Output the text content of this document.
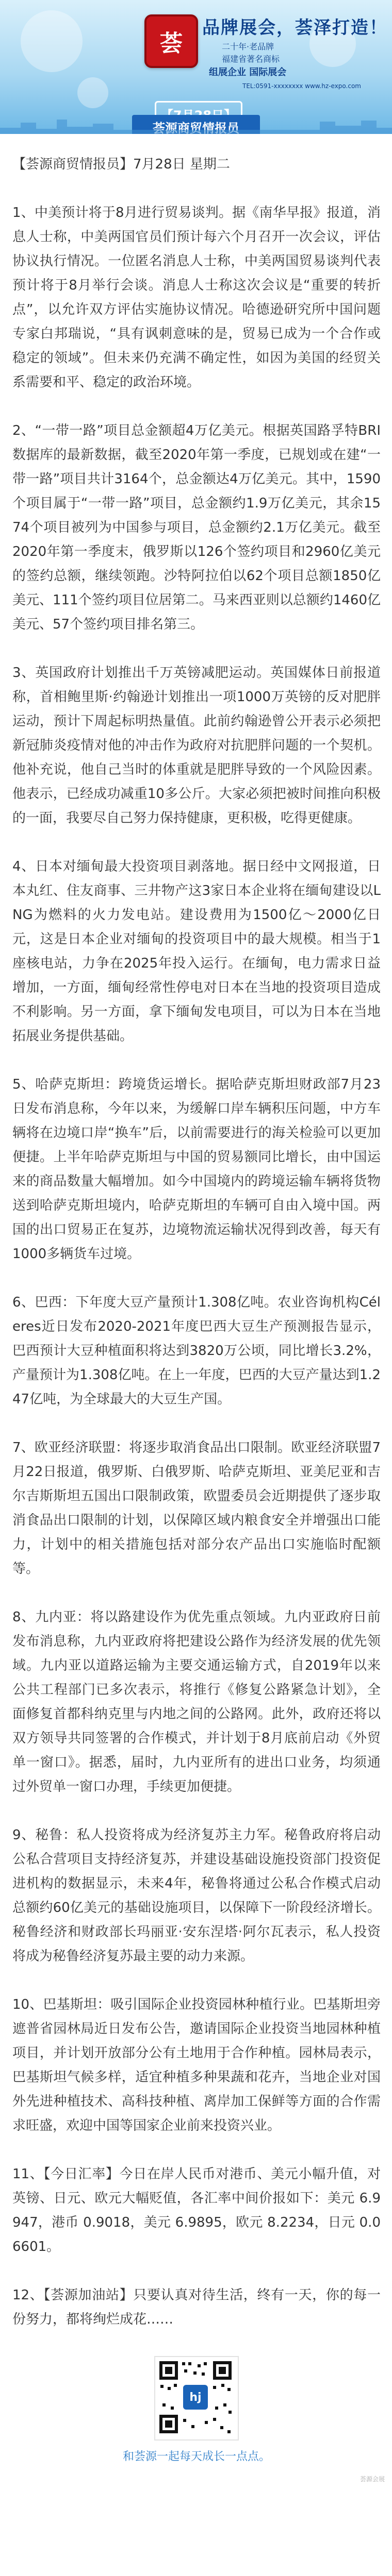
荟
品牌展会，荟泽打造！
二十年·老品牌
福建省著名商标
组展企业 国际展会
TEL:0591-xxxxxxxx www.hz-expo.com
荟源商贸情报员

【荟源商贸情报员】7月28日 星期二

1、中美预计将于8月进行贸易谈判。据《南华早报》报道，消息人士称，中美两国官员们预计每六个月召开一次会议，评估协议执行情况。一位匿名消息人士称，中美两国贸易谈判代表预计将于8月举行会谈。消息人士称这次会议是“重要的转折点”，以允许双方评估实施协议情况。哈德逊研究所中国问题专家白邦瑞说，“具有讽刺意味的是，贸易已成为一个合作或稳定的领域”。但未来仍充满不确定性，如因为美国的经贸关系需要和平、稳定的政治环境。

2、“一带一路”项目总金额超4万亿美元。根据英国路孚特BRI数据库的最新数据，截至2020年第一季度，已规划或在建“一带一路”项目共计3164个，总金额达4万亿美元。其中，1590个项目属于“一带一路”项目，总金额约1.9万亿美元，其余1574个项目被列为中国参与项目，总金额约2.1万亿美元。截至2020年第一季度末，俄罗斯以126个签约项目和2960亿美元的签约总额，继续领跑。沙特阿拉伯以62个项目总额1850亿美元、111个签约项目位居第二。马来西亚则以总额约1460亿美元、57个签约项目排名第三。

3、英国政府计划推出千万英镑减肥运动。英国媒体日前报道称，首相鲍里斯·约翰逊计划推出一项1000万英镑的反对肥胖运动，预计下周起标明热量值。此前约翰逊曾公开表示必须把新冠肺炎疫情对他的冲击作为政府对抗肥胖问题的一个契机。他补充说，他自己当时的体重就是肥胖导致的一个风险因素。他表示，已经成功减重10多公斤。大家必须把被时间推向积极的一面，我要尽自己努力保持健康，更积极，吃得更健康。

4、日本对缅甸最大投资项目剥落地。据日经中文网报道，日本丸红、住友商事、三井物产这3家日本企业将在缅甸建设以LNG为燃料的火力发电站。建设费用为1500亿～2000亿日元，这是日本企业对缅甸的投资项目中的最大规模。相当于1座核电站，力争在2025年投入运行。在缅甸，电力需求日益增加，一方面，缅甸经常性停电对日本在当地的投资项目造成不利影响。另一方面，拿下缅甸发电项目，可以为日本在当地拓展业务提供基础。

5、哈萨克斯坦：跨境货运增长。据哈萨克斯坦财政部7月23日发布消息称，今年以来，为缓解口岸车辆积压问题，中方车辆将在边境口岸“换车”后，以前需要进行的海关检验可以更加便捷。上半年哈萨克斯坦与中国的贸易额同比增长，由中国运来的商品数量大幅增加。如今中国境内的跨境运输车辆将货物送到哈萨克斯坦境内，哈萨克斯坦的车辆可自由入境中国。两国的出口贸易正在复苏，边境物流运输状况得到改善，每天有1000多辆货车过境。

6、巴西：下年度大豆产量预计1.308亿吨。农业咨询机构Céleres近日发布2020-2021年度巴西大豆生产预测报告显示，巴西预计大豆种植面积将达到3820万公顷，同比增长3.2%，产量预计为1.308亿吨。在上一年度，巴西的大豆产量达到1.247亿吨，为全球最大的大豆生产国。

7、欧亚经济联盟：将逐步取消食品出口限制。欧亚经济联盟7月22日报道，俄罗斯、白俄罗斯、哈萨克斯坦、亚美尼亚和吉尔吉斯斯坦五国出口限制政策，欧盟委员会近期提供了逐步取消食品出口限制的计划，以保障区域内粮食安全并增强出口能力，计划中的相关措施包括对部分农产品出口实施临时配额等。

8、九内亚：将以路建设作为优先重点领域。九内亚政府日前发布消息称，九内亚政府将把建设公路作为经济发展的优先领域。九内亚以道路运输为主要交通运输方式，自2019年以来公共工程部门已多次表示，将推行《修复公路紧急计划》，全面修复首都科纳克里与内地之间的公路网。此外，政府还将以双方领导共同签署的合作模式，并计划于8月底前启动《外贸单一窗口》。据悉，届时，九内亚所有的进出口业务，均须通过外贸单一窗口办理，手续更加便捷。

9、秘鲁：私人投资将成为经济复苏主力军。秘鲁政府将启动公私合营项目支持经济复苏，并建设基础设施投资部门投资促进机构的数据显示，未来4年，秘鲁将通过公私合作模式启动总额约60亿美元的基础设施项目，以保障下一阶段经济增长。秘鲁经济和财政部长玛丽亚·安东涅塔·阿尔瓦表示，私人投资将成为秘鲁经济复苏最主要的动力来源。

10、巴基斯坦：吸引国际企业投资园林种植行业。巴基斯坦旁遮普省园林局近日发布公告，邀请国际企业投资当地园林种植项目，并计划开放部分公有土地用于合作种植。园林局表示，巴基斯坦气候多样，适宜种植多种果蔬和花卉，当地企业对国外先进种植技术、高科技种植、离岸加工保鲜等方面的合作需求旺盛，欢迎中国等国家企业前来投资兴业。

11、【今日汇率】今日在岸人民币对港币、美元小幅升值，对英镑、日元、欧元大幅贬值，各汇率中间价报如下：美元 6.9947，港币 0.9018，美元 6.9895，欧元 8.2234，日元 0.06601。

12、【荟源加油站】只要认真对待生活，终有一天，你的每一份努力，都将绚烂成花……

hj
和荟源一起每天成长一点点。
荟源会展
